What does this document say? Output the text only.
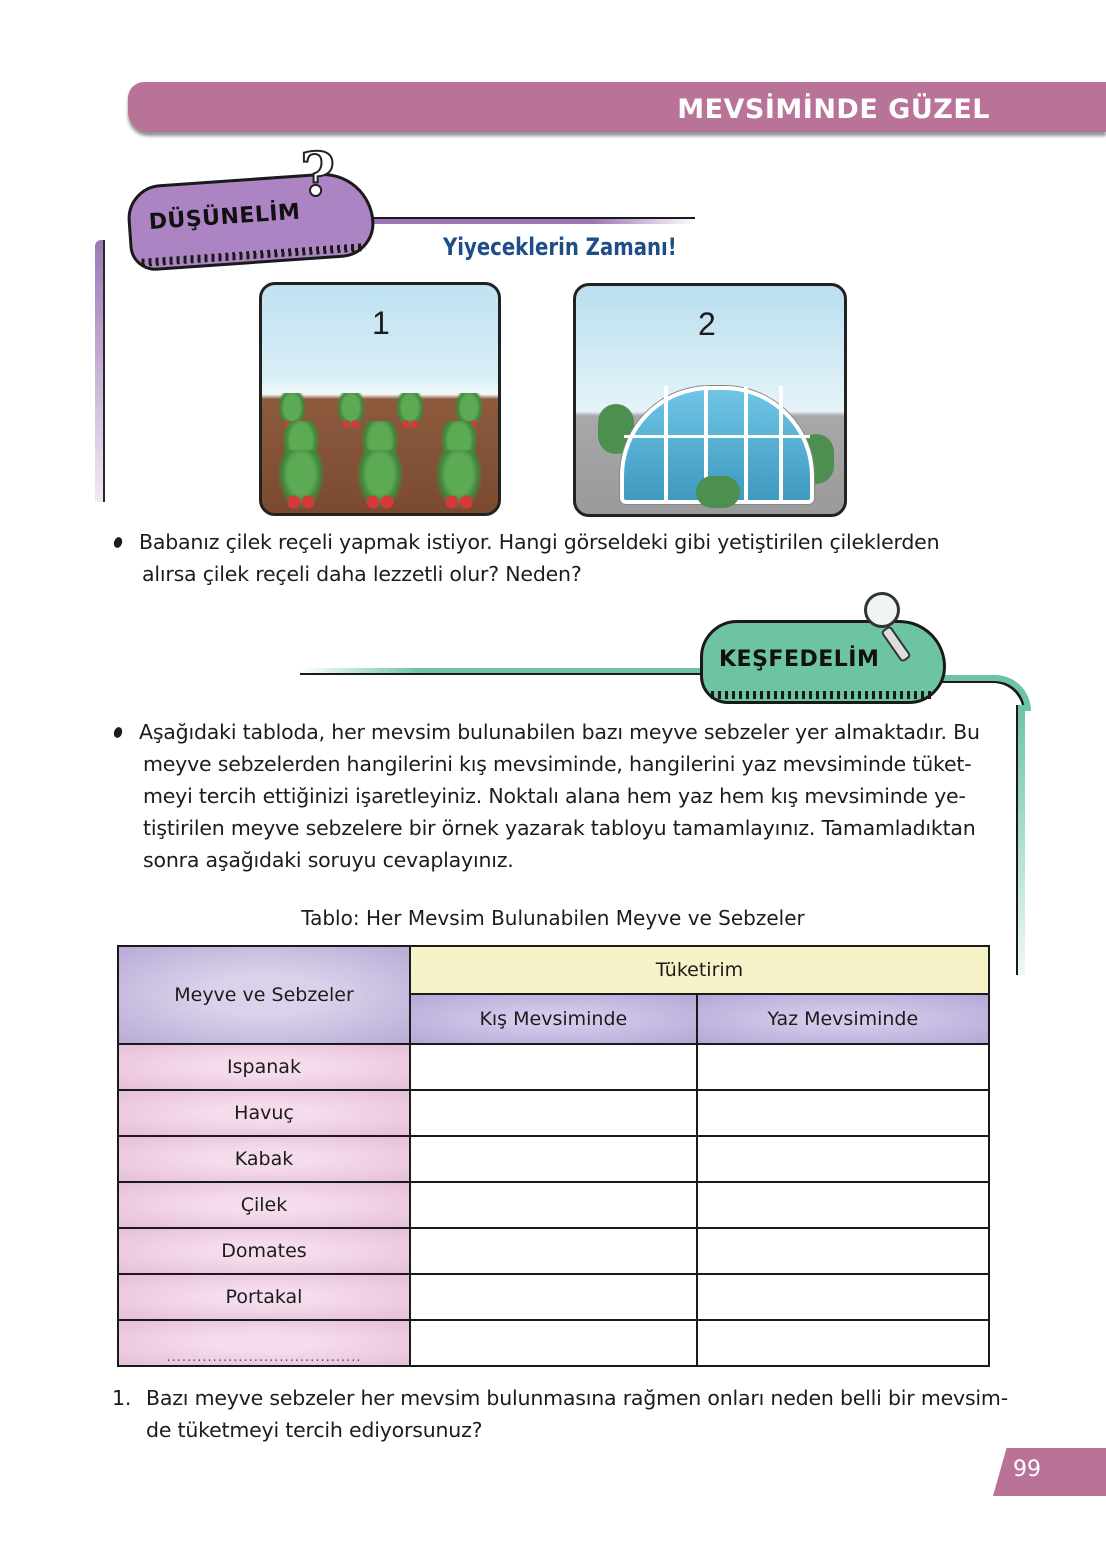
MEVSİMİNDE GÜZEL
DÜŞÜNELİM
?
Yiyeceklerin Zamanı!
1	2
Babanız çilek reçeli yapmak istiyor. Hangi görseldeki gibi yetiştirilen çileklerden
alırsa çilek reçeli daha lezzetli olur? Neden?
KEŞFEDELİM
Aşağıdaki tabloda, her mevsim bulunabilen bazı meyve sebzeler yer almaktadır. Bu
meyve sebzelerden hangilerini kış mevsiminde, hangilerini yaz mevsiminde tüket-
meyi tercih ettiğinizi işaretleyiniz. Noktalı alana hem yaz hem kış mevsiminde ye-
tiştirilen meyve sebzelere bir örnek yazarak tabloyu tamamlayınız. Tamamladıktan
sonra aşağıdaki soruyu cevaplayınız.
Tablo: Her Mevsim Bulunabilen Meyve ve Sebzeler
Meyve ve Sebzeler	Tüketirim	
	Kış Mevsiminde	Yaz Mevsiminde
Ispanak		
Havuç		
Kabak		
Çilek		
Domates		
Portakal		
......................................		
1. Bazı meyve sebzeler her mevsim bulunmasına rağmen onları neden belli bir mevsim-
de tüketmeyi tercih ediyorsunuz?
99
